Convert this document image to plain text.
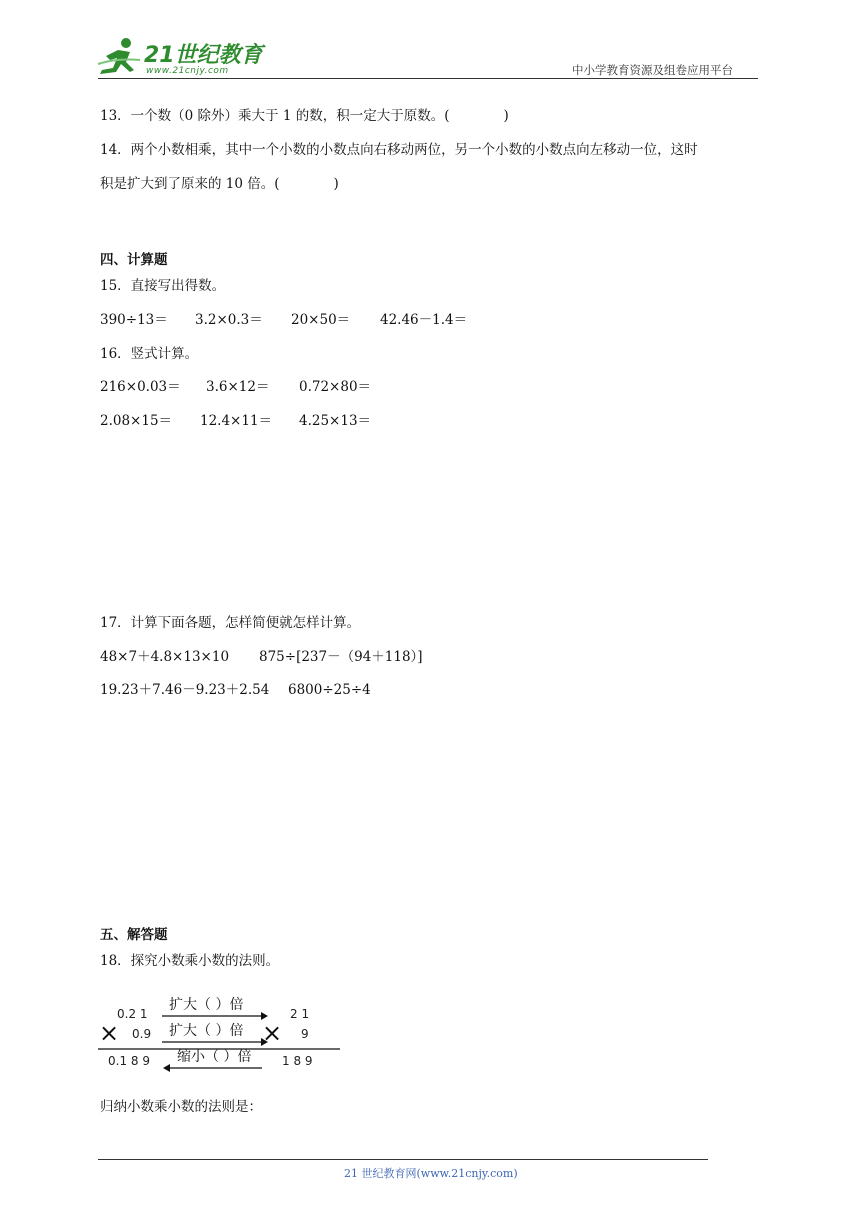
21世纪教育
www.21cnjy.com	中小学教育资源及组卷应用平台
13．一个数（0 除外）乘大于 1 的数，积一定大于原数。(　　　　)
14．两个小数相乘，其中一个小数的小数点向右移动两位，另一个小数的小数点向左移动一位，这时
积是扩大到了原来的 10 倍。(　　　　)
四、计算题
15．直接写出得数。
390÷13＝ 3.2×0.3＝ 20×50＝ 42.46－1.4＝
16．竖式计算。
216×0.03＝ 3.6×12＝ 0.72×80＝
2.08×15＝ 12.4×11＝ 4.25×13＝
17．计算下面各题，怎样简便就怎样计算。
48×7＋4.8×13×10 875÷[237－（94＋118）]
19.23＋7.46－9.23＋2.54 6800÷25÷4
五、解答题
18．探究小数乘小数的法则。
0.2 1
× 0.9
0.1 8 9
扩大（ ）倍
扩大（ ）倍
缩小（ ）倍
2 1
× 9
1 8 9
归纳小数乘小数的法则是：
21 世纪教育网(www.21cnjy.com)
